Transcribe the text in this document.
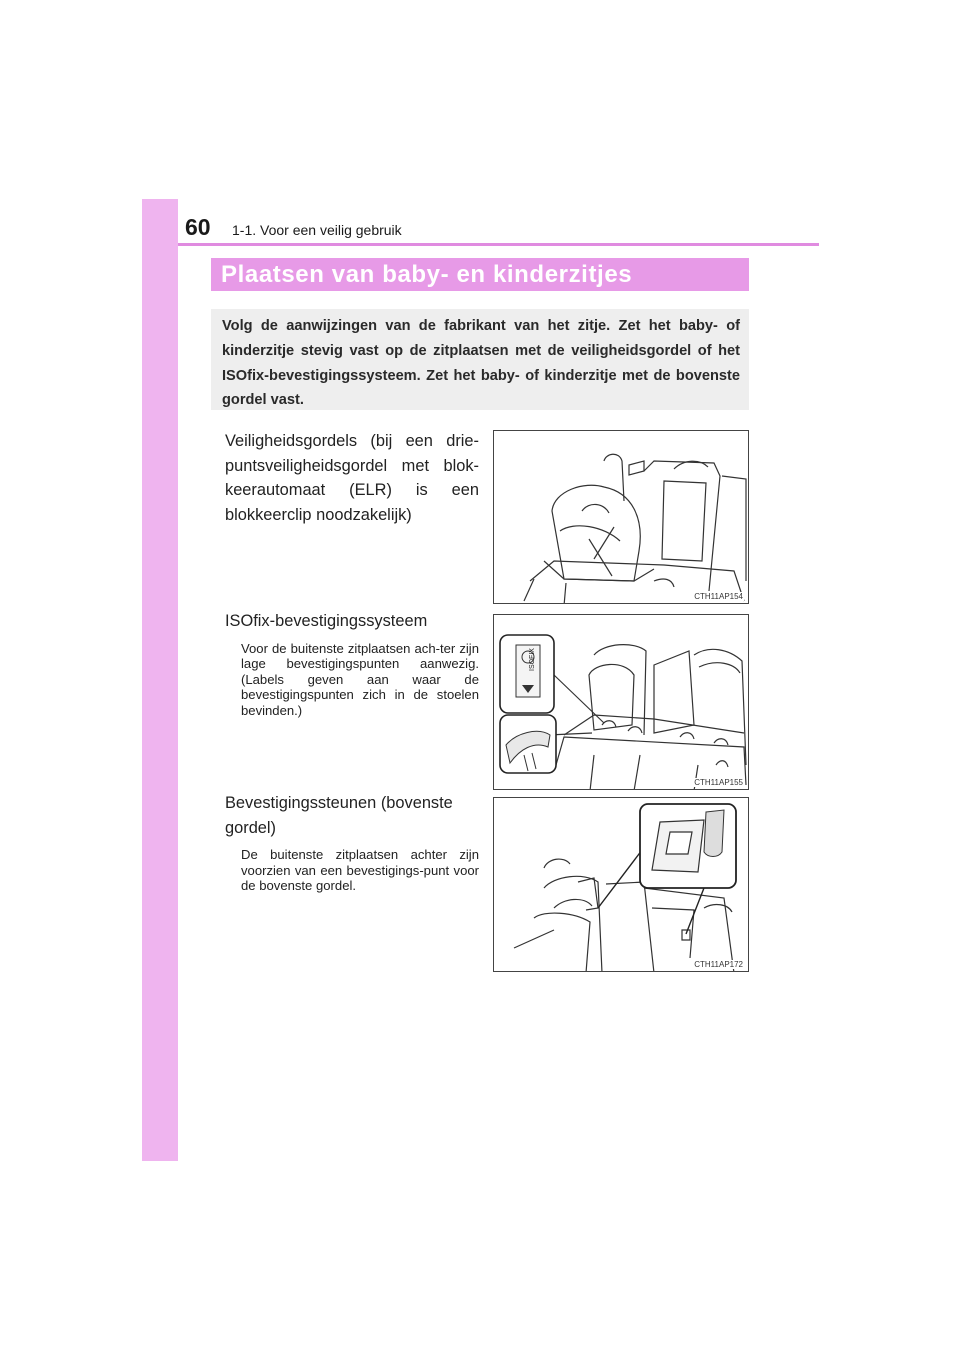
60 1-1. Voor een veilig gebruik
Plaatsen van baby- en kinderzitjes
Volg de aanwijzingen van de fabrikant van het zitje. Zet het baby- of kinderzitje stevig vast op de zitplaatsen met de veiligheidsgordel of het ISOfix-bevestigingssysteem. Zet het baby- of kinderzitje met de bovenste gordel vast.

Veiligheidsgordels (bij een drie-puntsveiligheidsgordel met blok-keerautomaat (ELR) is een blokkeerclip noodzakelijk)

CTH11AP154

ISOfix-bevestigingssysteem

Voor de buitenste zitplaatsen ach-ter zijn lage bevestigingspunten aanwezig. (Labels geven aan waar de bevestigingspunten zich in de stoelen bevinden.)

ISOFIX
CTH11AP155

Bevestigingssteunen (bovenste gordel)

De buitenste zitplaatsen achter zijn voorzien van een bevestigings-punt voor de bovenste gordel.

CTH11AP172
